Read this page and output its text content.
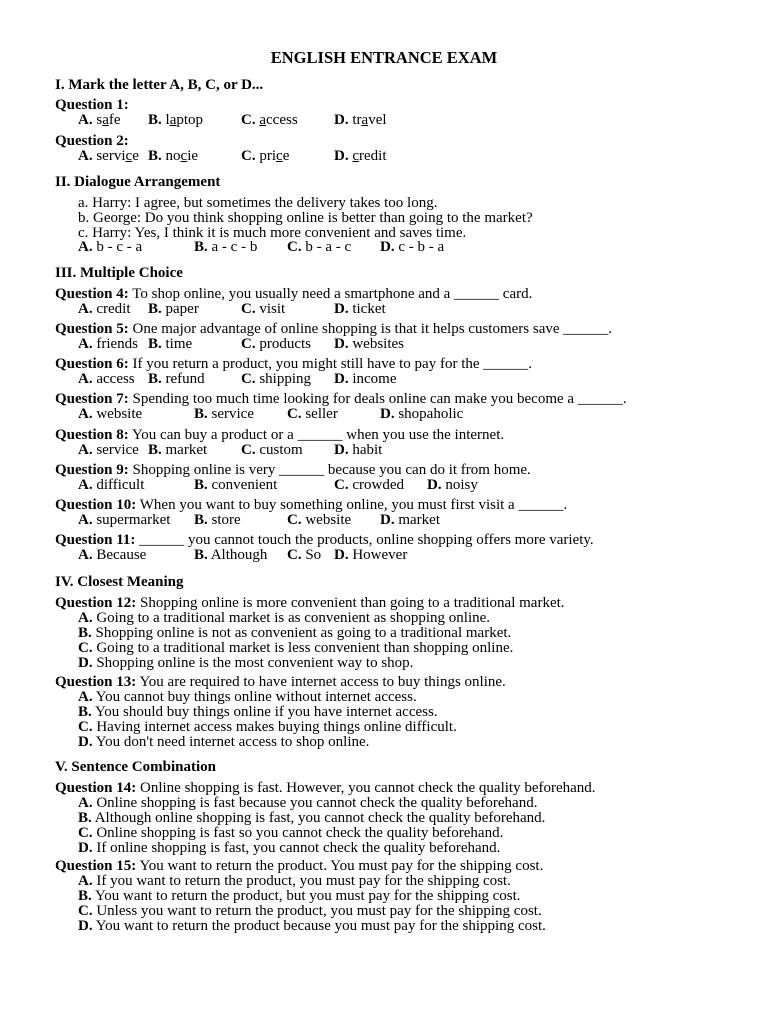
ENGLISH ENTRANCE EXAM
I. Mark the letter A, B, C, or D...
Question 1:
A. safe B. laptop	C. access D. travel
Question 2:
A. service B. nocie	C. price	D. credit
II. Dialogue Arrangement
a. Harry: I agree, but sometimes the delivery takes too long.
b. George: Do you think shopping online is better than going to the market?
c. Harry: Yes, I think it is much more convenient and saves time.
A. b - c - a	B. a - c - b C. b - a - c D. c - b - a
III. Multiple Choice
IV. Closest Meaning
V. Sentence Combination
Question 4: To shop online, you usually need a smartphone and a ______ card.
A. credit B. paper	C. visit	D. ticket
Question 5: One major advantage of online shopping is that it helps customers save ______.
A. friends B. time	C. products D. websites
Question 6: If you return a product, you might still have to pay for the ______.
A. access B. refund C. shipping D. income
Question 7: Spending too much time looking for deals online can make you become a ______.
A. website	B. service C. seller	D. shopaholic
Question 8: You can buy a product or a ______ when you use the internet.
A. service B. market C. custom D. habit
Question 9: Shopping online is very ______ because you can do it from home.
A. difficult	B. convenient	C. crowded D. noisy
Question 10: When you want to buy something online, you must first visit a ______.
A. supermarket B. store	C. website D. market
Question 11: ______ you cannot touch the products, online shopping offers more variety.
A. Because	B. Although C. So D. However
Question 12: Shopping online is more convenient than going to a traditional market.
A. Going to a traditional market is as convenient as shopping online.
B. Shopping online is not as convenient as going to a traditional market.
C. Going to a traditional market is less convenient than shopping online.
D. Shopping online is the most convenient way to shop.
Question 13: You are required to have internet access to buy things online.
A. You cannot buy things online without internet access.
B. You should buy things online if you have internet access.
C. Having internet access makes buying things online difficult.
D. You don't need internet access to shop online.
Question 14: Online shopping is fast. However, you cannot check the quality beforehand.
A. Online shopping is fast because you cannot check the quality beforehand.
B. Although online shopping is fast, you cannot check the quality beforehand.
C. Online shopping is fast so you cannot check the quality beforehand.
D. If online shopping is fast, you cannot check the quality beforehand.
Question 15: You want to return the product. You must pay for the shipping cost.
A. If you want to return the product, you must pay for the shipping cost.
B. You want to return the product, but you must pay for the shipping cost.
C. Unless you want to return the product, you must pay for the shipping cost.
D. You want to return the product because you must pay for the shipping cost.
